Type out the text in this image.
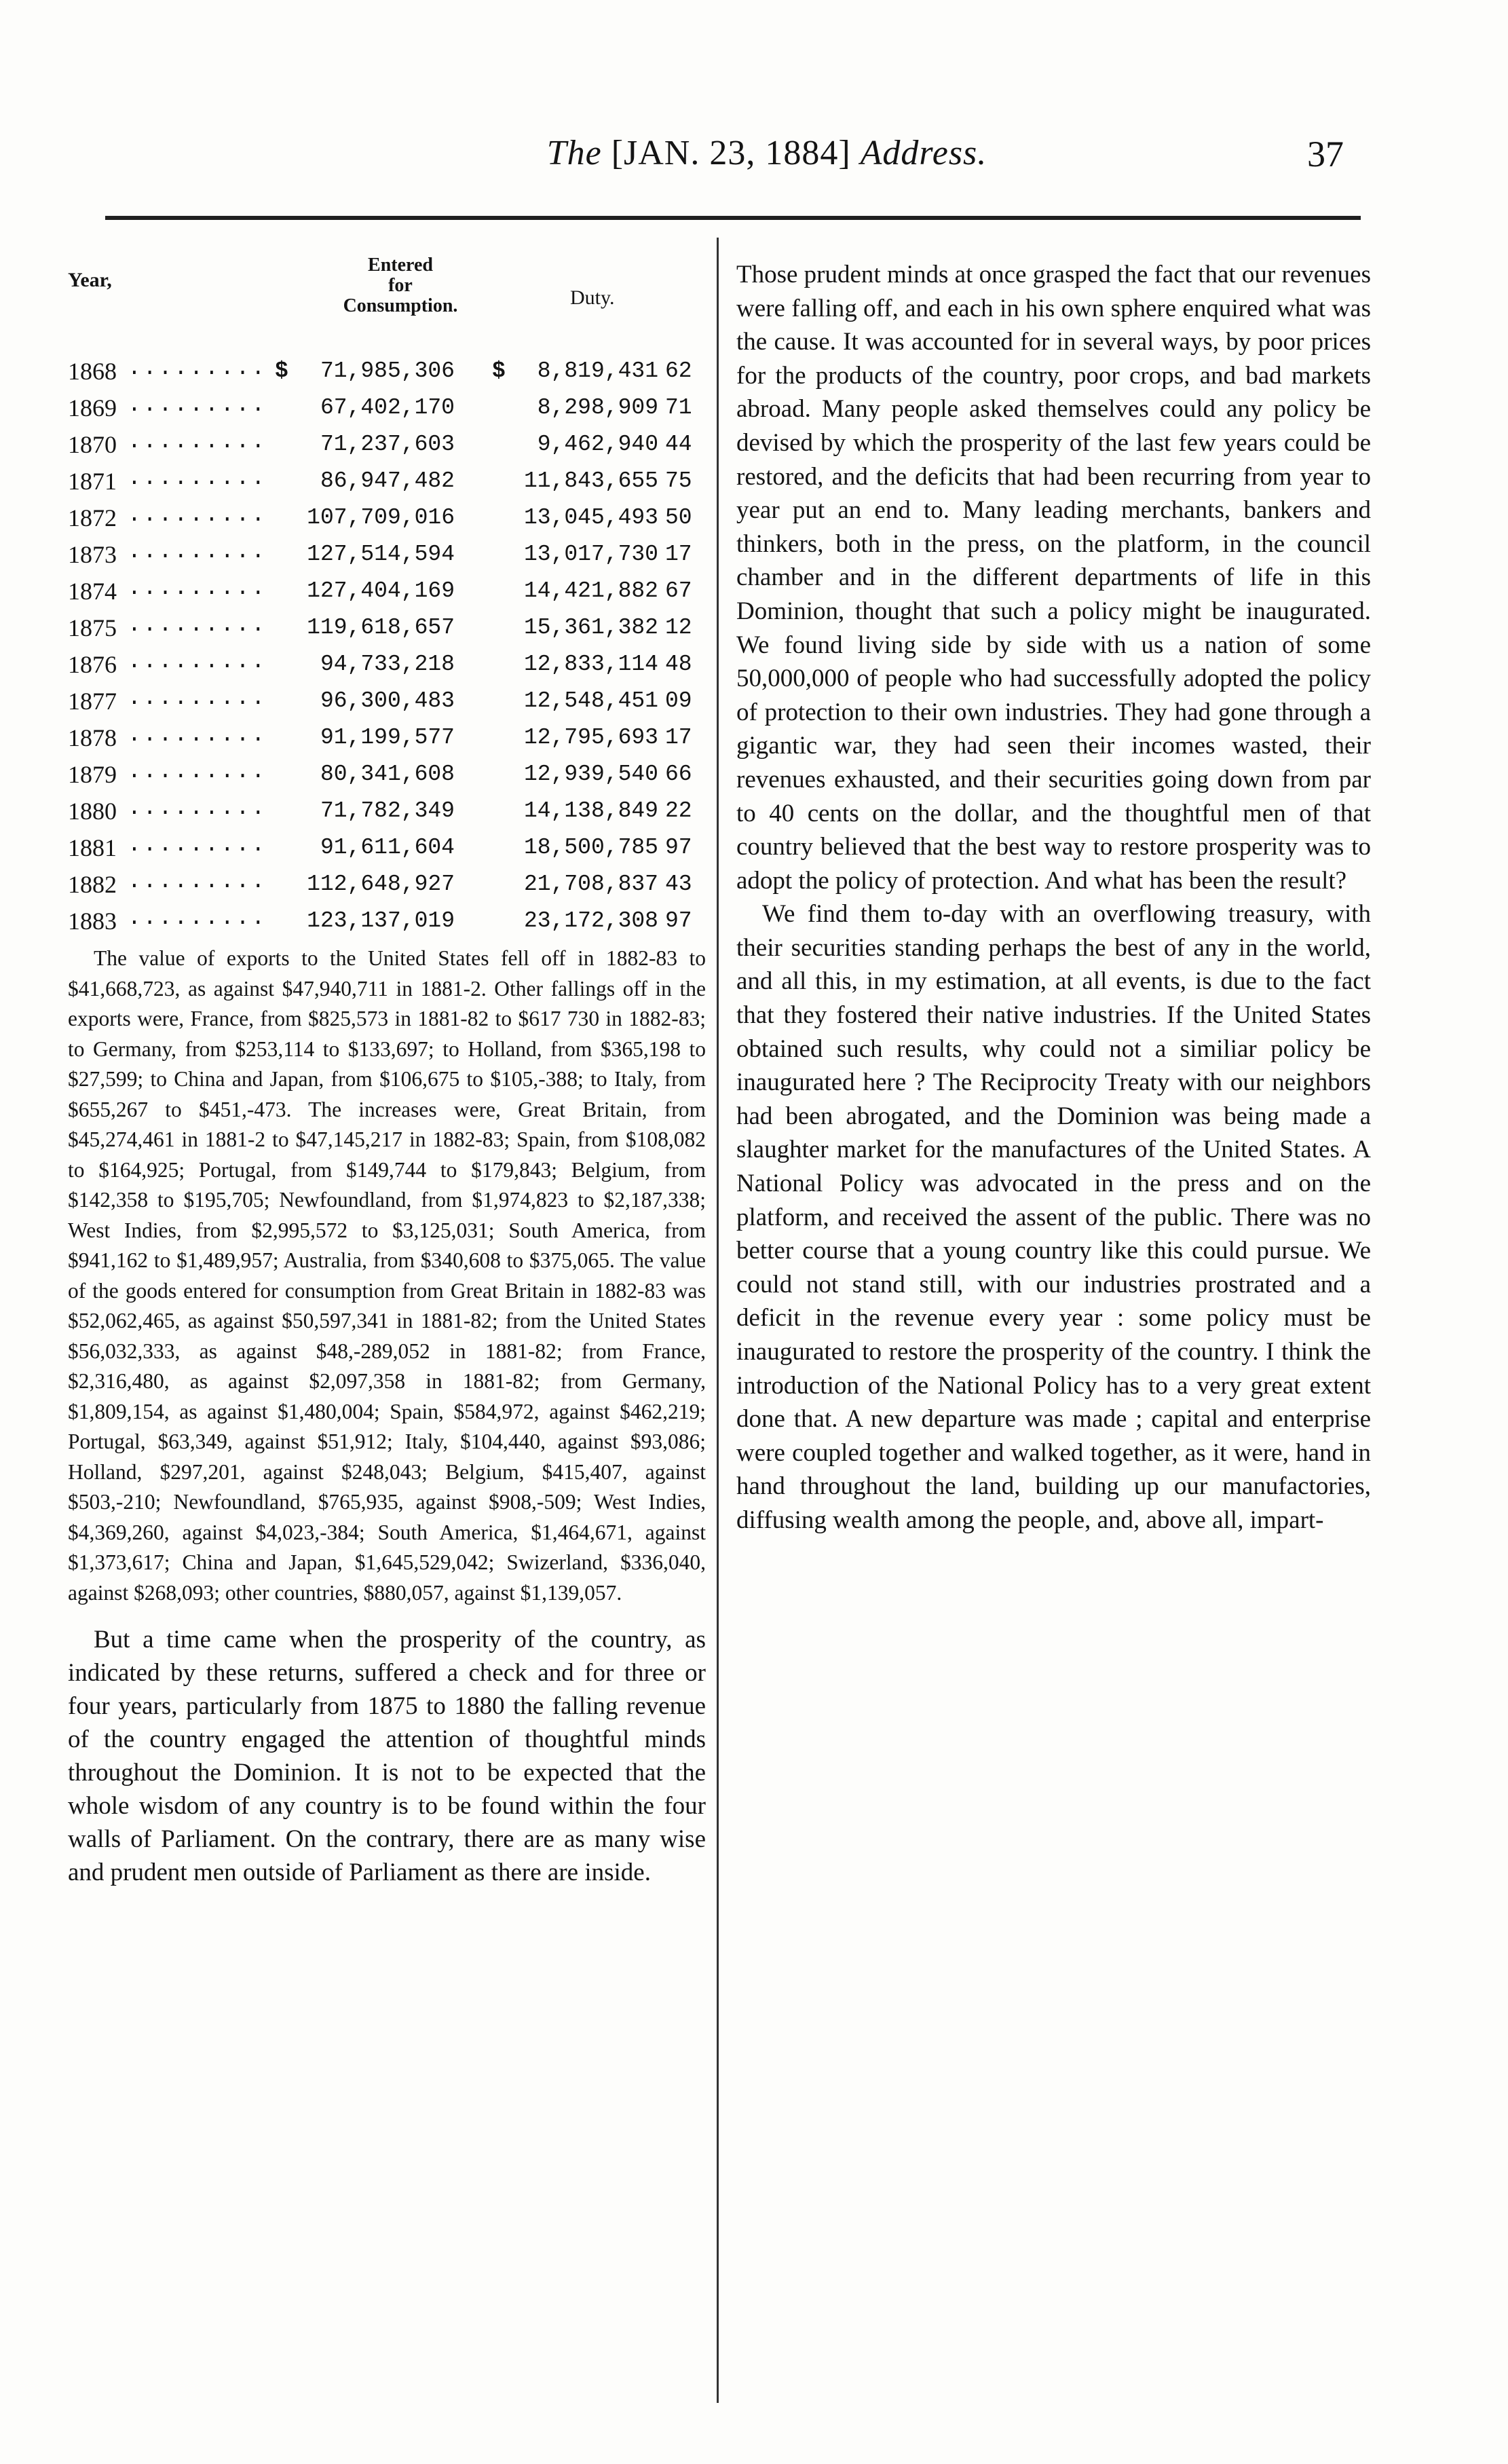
The [JAN. 23, 1884] Address.	37
Year,
Entered
for
Consumption.	Duty.
1868 ......... $	71,985,306 $	8,819,431 62
1869 .........	67,402,170	8,298,909 71
1870 .........	71,237,603	9,462,940 44
1871 .........	86,947,482	11,843,655 75
1872 .........	107,709,016	13,045,493 50
1873 .........	127,514,594	13,017,730 17
1874 .........	127,404,169	14,421,882 67
1875 .........	119,618,657	15,361,382 12
1876 .........	94,733,218	12,833,114 48
1877 .........	96,300,483	12,548,451 09
1878 .........	91,199,577	12,795,693 17
1879 .........	80,341,608	12,939,540 66
1880 .........	71,782,349	14,138,849 22
1881 .........	91,611,604	18,500,785 97
1882 .........	112,648,927	21,708,837 43
1883 .........	123,137,019	23,172,308 97
The value of exports to the United States fell off in 1882-83 to $41,668,723, as against $47,940,711 in 1881-2. Other fallings off in the exports were, France, from $825,573 in 1881-82 to $617 730 in 1882-83; to Germany, from $253,114 to $133,697; to Holland, from $365,198 to $27,599; to China and Japan, from $106,675 to $105,-388; to Italy, from $655,267 to $451,-473. The increases were, Great Britain, from $45,274,461 in 1881-2 to $47,145,217 in 1882-83; Spain, from $108,082 to $164,925; Portugal, from $149,744 to $179,843; Belgium, from $142,358 to $195,705; Newfoundland, from $1,974,823 to $2,187,338; West Indies, from $2,995,572 to $3,125,031; South America, from $941,162 to $1,489,957; Australia, from $340,608 to $375,065. The value of the goods entered for consumption from Great Britain in 1882-83 was $52,062,465, as against $50,597,341 in 1881-82; from the United States $56,032,333, as against $48,-289,052 in 1881-82; from France, $2,316,480, as against $2,097,358 in 1881-82; from Germany, $1,809,154, as against $1,480,004; Spain, $584,972, against $462,219; Portugal, $63,349, against $51,912; Italy, $104,440, against $93,086; Holland, $297,201, against $248,043; Belgium, $415,407, against $503,-210; Newfoundland, $765,935, against $908,-509; West Indies, $4,369,260, against $4,023,-384; South America, $1,464,671, against $1,373,617; China and Japan, $1,645,529,042; Swizerland, $336,040, against $268,093; other countries, $880,057, against $1,139,057.
But a time came when the prosperity of the country, as indicated by these returns, suffered a check and for three or four years, particularly from 1875 to 1880 the falling revenue of the country engaged the attention of thoughtful minds throughout the Dominion. It is not to be expected that the whole wisdom of any country is to be found within the four walls of Parliament. On the contrary, there are as many wise and prudent men outside of Parliament as there are inside.
Those prudent minds at once grasped the fact that our revenues were falling off, and each in his own sphere enquired what was the cause. It was accounted for in several ways, by poor prices for the products of the country, poor crops, and bad markets abroad. Many people asked themselves could any policy be devised by which the prosperity of the last few years could be restored, and the deficits that had been recurring from year to year put an end to. Many leading merchants, bankers and thinkers, both in the press, on the platform, in the council chamber and in the different departments of life in this Dominion, thought that such a policy might be inaugurated. We found living side by side with us a nation of some 50,000,000 of people who had successfully adopted the policy of protection to their own industries. They had gone through a gigantic war, they had seen their incomes wasted, their revenues exhausted, and their securities going down from par to 40 cents on the dollar, and the thoughtful men of that country believed that the best way to restore prosperity was to adopt the policy of protection. And what has been the result?
We find them to-day with an overflowing treasury, with their securities standing perhaps the best of any in the world, and all this, in my estimation, at all events, is due to the fact that they fostered their native industries. If the United States obtained such results, why could not a similiar policy be inaugurated here ? The Reciprocity Treaty with our neighbors had been abrogated, and the Dominion was being made a slaughter market for the manufactures of the United States. A National Policy was advocated in the press and on the platform, and received the assent of the public. There was no better course that a young country like this could pursue. We could not stand still, with our industries prostrated and a deficit in the revenue every year : some policy must be inaugurated to restore the prosperity of the country. I think the introduction of the National Policy has to a very great extent done that. A new departure was made ; capital and enterprise were coupled together and walked together, as it were, hand in hand throughout the land, building up our manufactories, diffusing wealth among the people, and, above all, impart-
